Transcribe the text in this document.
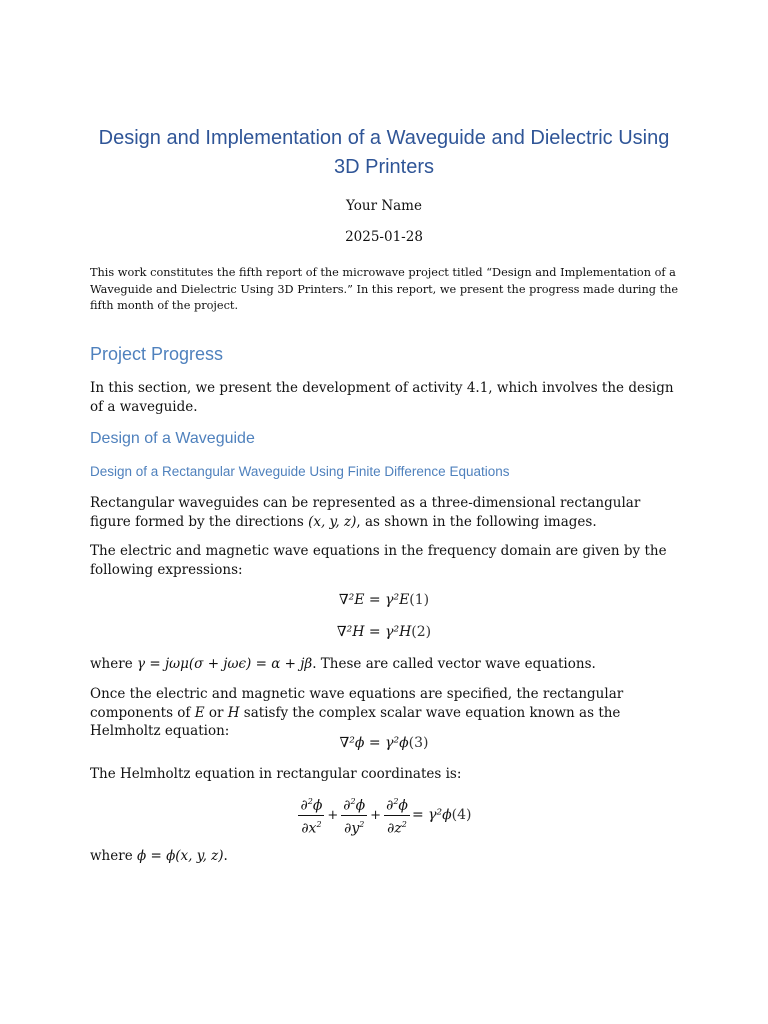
Design and Implementation of a Waveguide and Dielectric Using 3D Printers
Your Name
2025-01-28

This work constitutes the fifth report of the microwave project titled “Design and Implementation of a Waveguide and Dielectric Using 3D Printers.” In this report, we present the progress made during the fifth month of the project.

Project Progress

In this section, we present the development of activity 4.1, which involves the design of a waveguide.

Design of a Waveguide
Design of a Rectangular Waveguide Using Finite Difference Equations

Rectangular waveguides can be represented as a three-dimensional rectangular figure formed by the directions (x, y, z), as shown in the following images.

The electric and magnetic wave equations in the frequency domain are given by the following expressions:

∇²E = γ²E(1)
∇²H = γ²H(2)

where γ = jωμ(σ + jωϵ) = α + jβ. These are called vector wave equations.

Once the electric and magnetic wave equations are specified, the rectangular components of E or H satisfy the complex scalar wave equation known as the Helmholtz equation:

∇²ϕ = γ²ϕ(3)

The Helmholtz equation in rectangular coordinates is:

$\frac{\partial^2\phi}{\partial x^2} + \frac{\partial^2\phi}{\partial y^2} + \frac{\partial^2\phi}{\partial z^2} = \gamma^2\phi$ (4)

where ϕ = ϕ(x, y, z).
